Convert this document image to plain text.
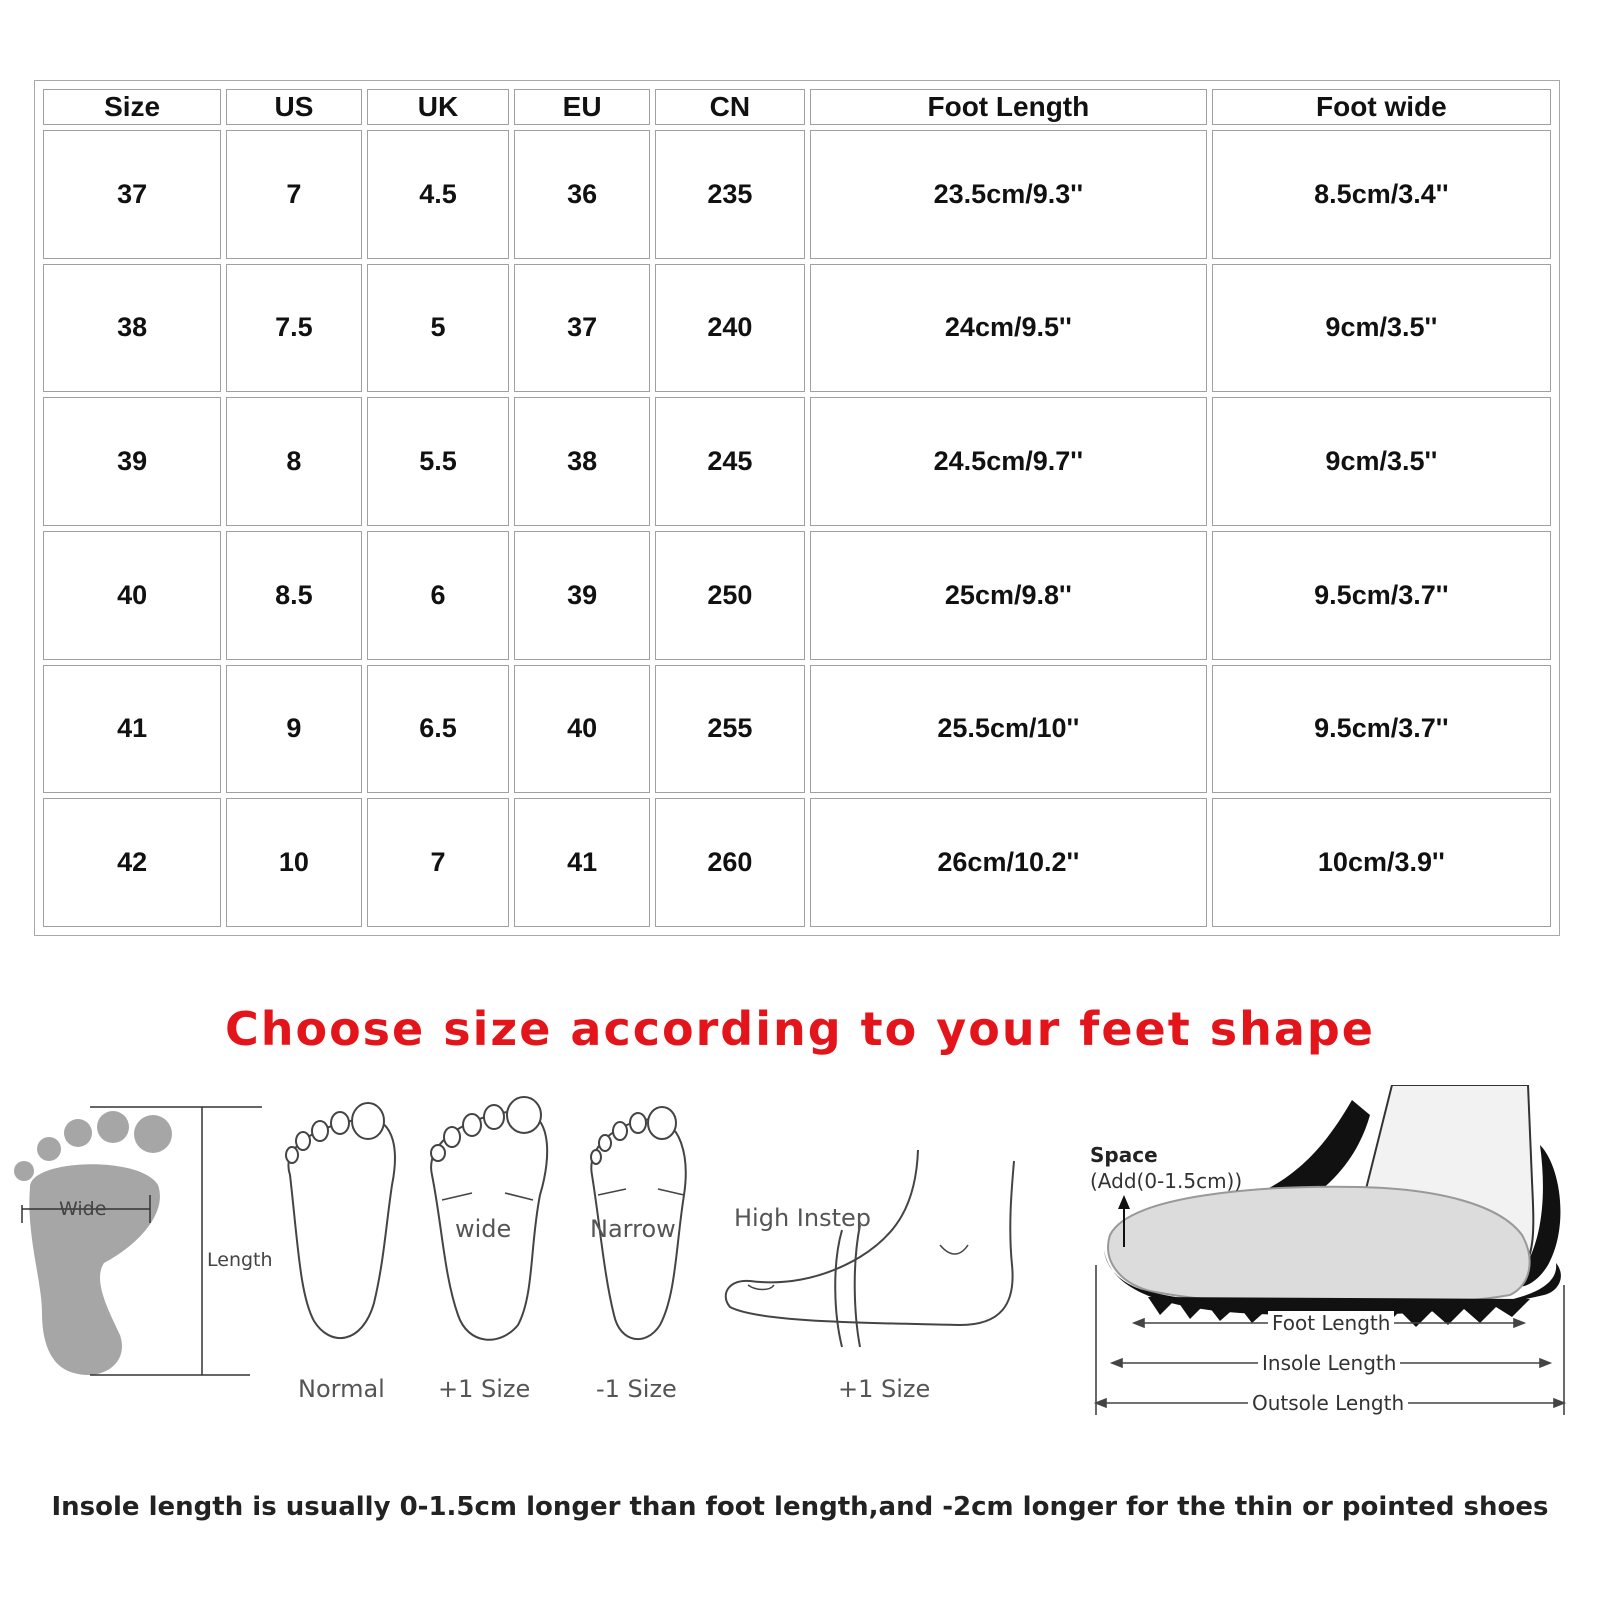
Size	US	UK	EU	CN	Foot Length	Foot wide
37	7	4.5	36	235	23.5cm/9.3''	8.5cm/3.4''
38	7.5	5	37	240	24cm/9.5''	9cm/3.5''
39	8	5.5	38	245	24.5cm/9.7''	9cm/3.5''
40	8.5	6	39	250	25cm/9.8''	9.5cm/3.7''
41	9	6.5	40	255	25.5cm/10''	9.5cm/3.7''
42	10	7	41	260	26cm/10.2''	10cm/3.9''
Choose size according to your feet shape
Wide
Length
Normal
wide
+1 Size
Narrow
-1 Size
High Instep
+1 Size
Space
(Add(0-1.5cm))
Foot Length
Insole Length
Outsole Length
Insole length is usually 0-1.5cm longer than foot length,and -2cm longer for the thin or pointed shoes
